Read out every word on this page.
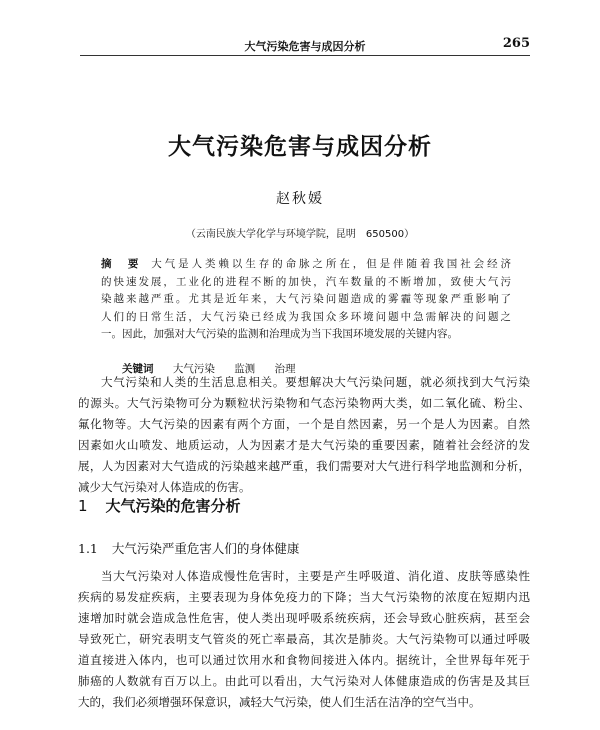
大气污染危害与成因分析	265
大气污染危害与成因分析
赵秋媛
（云南民族大学化学与环境学院，昆明　650500）
摘　要 大气是人类赖以生存的命脉之所在，但是伴随着我国社会经济
的快速发展，工业化的进程不断的加快，汽车数量的不断增加，致使大气污
染越来越严重。尤其是近年来，大气污染问题造成的雾霾等现象严重影响了
人们的日常生活，大气污染已经成为我国众多环境问题中急需解决的问题之
一。因此，加强对大气污染的监测和治理成为当下我国环境发展的关键内容。
关键词 大气污染 监测 治理
大气污染和人类的生活息息相关。要想解决大气污染问题，就必须找到大气污染
的源头。大气污染物可分为颗粒状污染物和气态污染物两大类，如二氧化硫、粉尘、
氟化物等。大气污染的因素有两个方面，一个是自然因素，另一个是人为因素。自然
因素如火山喷发、地质运动，人为因素才是大气污染的重要因素，随着社会经济的发
展，人为因素对大气造成的污染越来越严重，我们需要对大气进行科学地监测和分析，
减少大气污染对人体造成的伤害。
1 大气污染的危害分析
1.1 大气污染严重危害人们的身体健康
当大气污染对人体造成慢性危害时，主要是产生呼吸道、消化道、皮肤等感染性
疾病的易发症疾病，主要表现为身体免疫力的下降；当大气污染物的浓度在短期内迅
速增加时就会造成急性危害，使人类出现呼吸系统疾病，还会导致心脏疾病，甚至会
导致死亡，研究表明支气管炎的死亡率最高，其次是肺炎。大气污染物可以通过呼吸
道直接进入体内，也可以通过饮用水和食物间接进入体内。据统计，全世界每年死于
肺癌的人数就有百万以上。由此可以看出，大气污染对人体健康造成的伤害是及其巨
大的，我们必须增强环保意识，减轻大气污染，使人们生活在洁净的空气当中。
